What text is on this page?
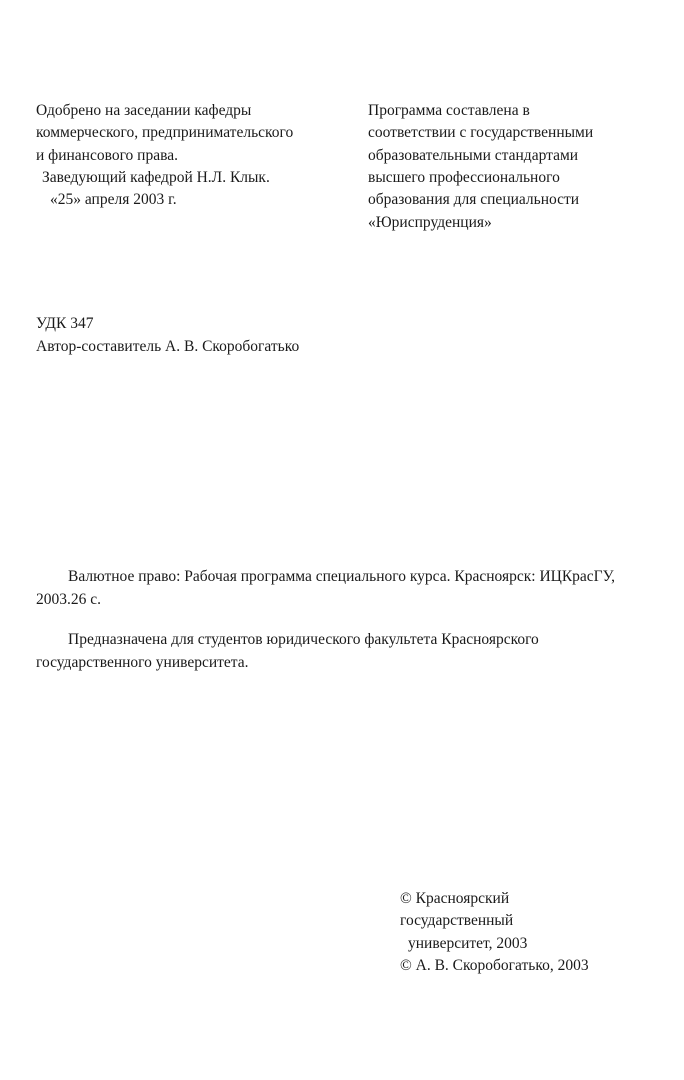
Одобрено на заседании кафедры

коммерческого, предпринимательского

и финансового права.

Заведующий кафедрой Н.Л. Клык.

«25» апреля 2003 г.

Программа составлена в

соответствии с государственными

образовательными стандартами

высшего профессионального

образования для специальности

«Юриспруденция»

УДК 347

Автор-составитель А. В. Скоробогатько

Валютное право: Рабочая программа специального курса. Красноярск: ИЦКрасГУ, 2003.26 с.

Предназначена для студентов юридического факультета Красноярского государственного университета.

© Красноярский

государственный

университет, 2003

© А. В. Скоробогатько, 2003
